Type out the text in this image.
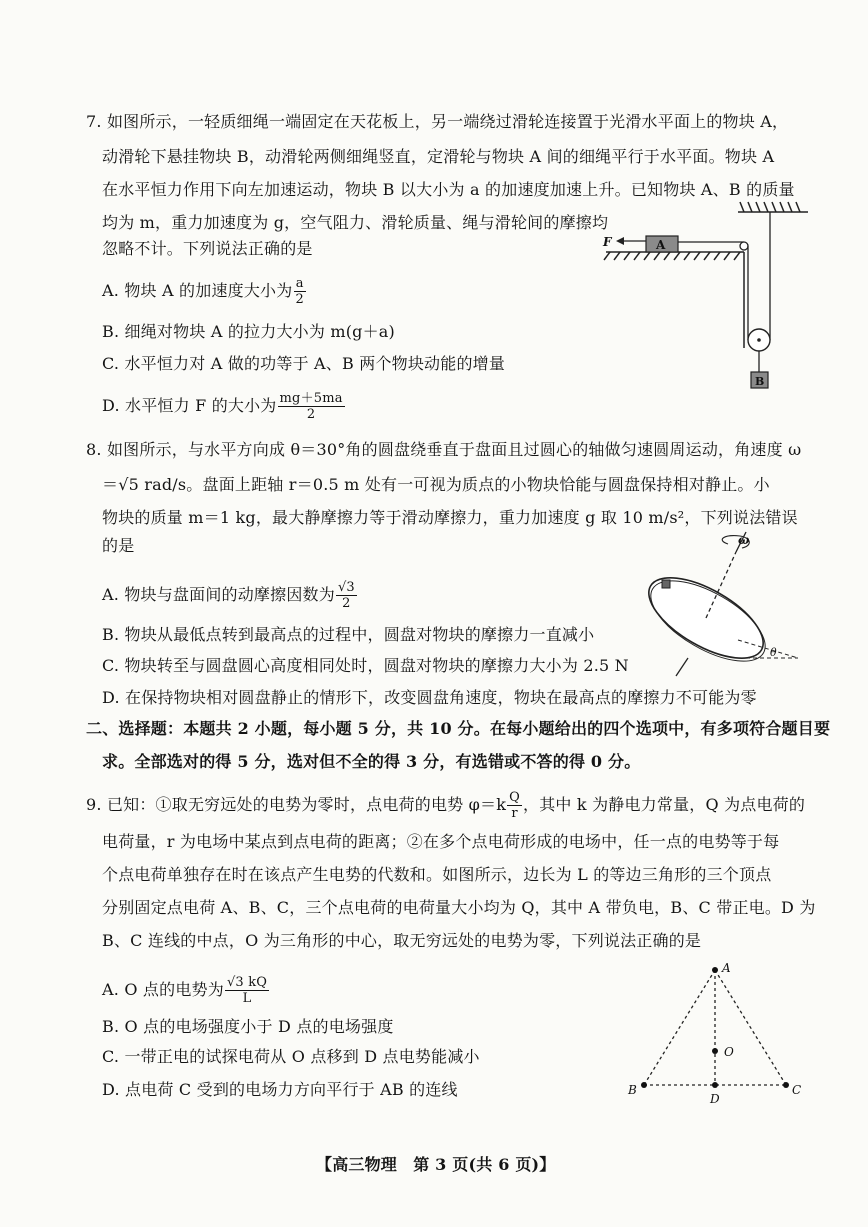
7. 如图所示，一轻质细绳一端固定在天花板上，另一端绕过滑轮连接置于光滑水平面上的物块 A，
动滑轮下悬挂物块 B，动滑轮两侧细绳竖直，定滑轮与物块 A 间的细绳平行于水平面。物块 A
在水平恒力作用下向左加速运动，物块 B 以大小为 a 的加速度加速上升。已知物块 A、B 的质量
均为 m，重力加速度为 g，空气阻力、滑轮质量、绳与滑轮间的摩擦均
忽略不计。下列说法正确的是
A. 物块 A 的加速度大小为 $\frac{a}{2}$
B. 细绳对物块 A 的拉力大小为 m(g＋a)
C. 水平恒力对 A 做的功等于 A、B 两个物块动能的增量
D. 水平恒力 F 的大小为 $\frac{mg+5ma}{2}$
A
F
B
8. 如图所示，与水平方向成 θ＝30°角的圆盘绕垂直于盘面且过圆心的轴做匀速圆周运动，角速度 ω
＝√5 rad/s。盘面上距轴 r＝0.5 m 处有一可视为质点的小物块恰能与圆盘保持相对静止。小
物块的质量 m＝1 kg，最大静摩擦力等于滑动摩擦力，重力加速度 g 取 10 m/s²，下列说法错误
的是
A. 物块与盘面间的动摩擦因数为 $\frac{√3}{2}$
B. 物块从最低点转到最高点的过程中，圆盘对物块的摩擦力一直减小
C. 物块转至与圆盘圆心高度相同处时，圆盘对物块的摩擦力大小为 2.5 N
D. 在保持物块相对圆盘静止的情形下，改变圆盘角速度，物块在最高点的摩擦力不可能为零
ω
θ
二、选择题：本题共 2 小题，每小题 5 分，共 10 分。在每小题给出的四个选项中，有多项符合题目要
求。全部选对的得 5 分，选对但不全的得 3 分，有选错或不答的得 0 分。
9. 已知：①取无穷远处的电势为零时，点电荷的电势 $\varphi=k \frac{Q}{r}$ ，其中 k 为静电力常量，Q 为点电荷的
电荷量，r 为电场中某点到点电荷的距离；②在多个点电荷形成的电场中，任一点的电势等于每
个点电荷单独存在时在该点产生电势的代数和。如图所示，边长为 L 的等边三角形的三个顶点
分别固定点电荷 A、B、C，三个点电荷的电荷量大小均为 Q，其中 A 带负电，B、C 带正电。D 为
B、C 连线的中点，O 为三角形的中心，取无穷远处的电势为零，下列说法正确的是
A. O 点的电势为 $\frac{√3 kQ}{L}$
B. O 点的电场强度小于 D 点的电场强度
C. 一带正电的试探电荷从 O 点移到 D 点电势能减小
D. 点电荷 C 受到的电场力方向平行于 AB 的连线
A
B	C
O
D
【高三物理　第 3 页(共 6 页)】
